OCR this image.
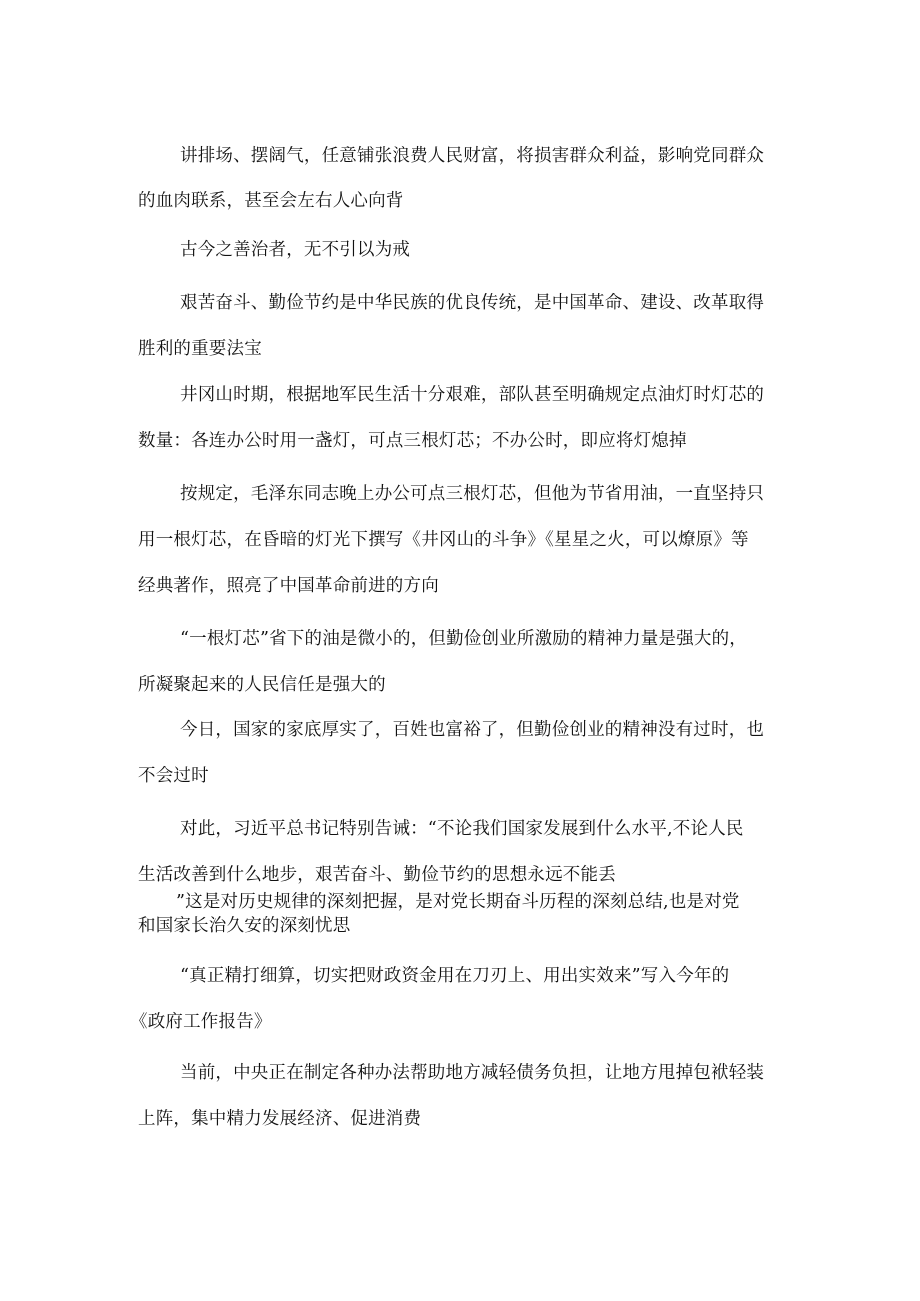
讲排场、摆阔气，任意铺张浪费人民财富，将损害群众利益，影响党同群众
的血肉联系，甚至会左右人心向背
古今之善治者，无不引以为戒
艰苦奋斗、勤俭节约是中华民族的优良传统，是中国革命、建设、改革取得
胜利的重要法宝
井冈山时期，根据地军民生活十分艰难，部队甚至明确规定点油灯时灯芯的
数量：各连办公时用一盏灯，可点三根灯芯；不办公时，即应将灯熄掉
按规定，毛泽东同志晚上办公可点三根灯芯，但他为节省用油，一直坚持只
用一根灯芯，在昏暗的灯光下撰写《井冈山的斗争》《星星之火，可以燎原》等
经典著作，照亮了中国革命前进的方向
“一根灯芯”省下的油是微小的，但勤俭创业所激励的精神力量是强大的，
所凝聚起来的人民信任是强大的
今日，国家的家底厚实了，百姓也富裕了，但勤俭创业的精神没有过时，也
不会过时
对此，习近平总书记特别告诫：“不论我们国家发展到什么水平,不论人民
生活改善到什么地步，艰苦奋斗、勤俭节约的思想永远不能丢
”这是对历史规律的深刻把握，是对党长期奋斗历程的深刻总结,也是对党
和国家长治久安的深刻忧思
“真正精打细算，切实把财政资金用在刀刃上、用出实效来”写入今年的
《政府工作报告》
当前，中央正在制定各种办法帮助地方减轻债务负担，让地方甩掉包袱轻装
上阵，集中精力发展经济、促进消费
